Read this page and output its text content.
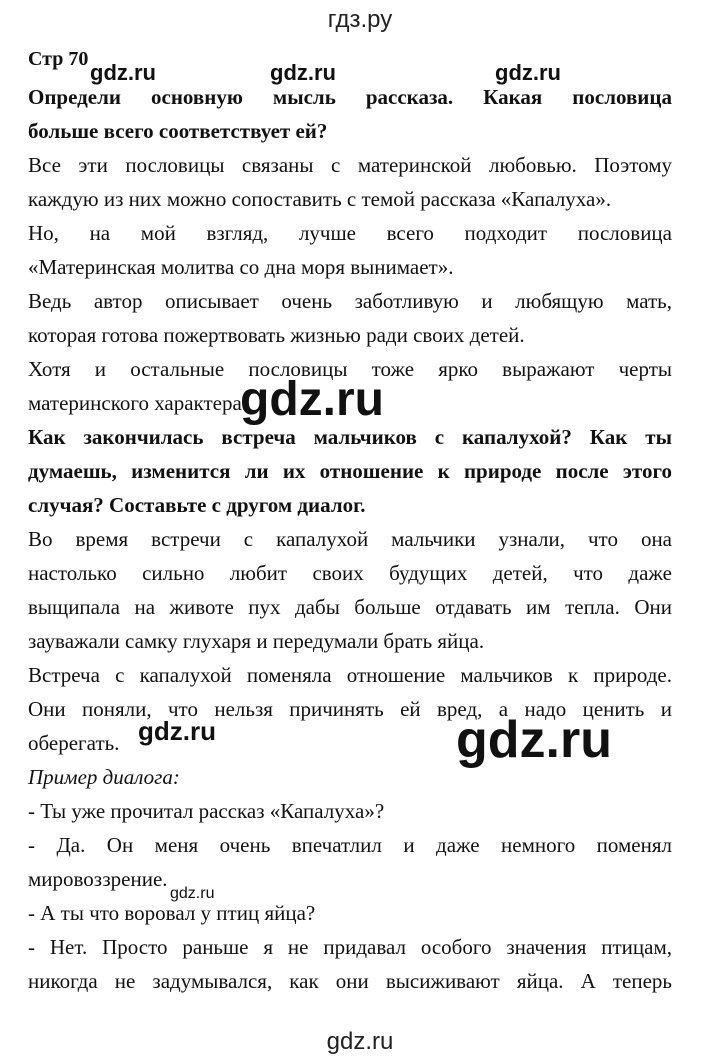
гдз.ру
Стр 70
gdz.ru	gdz.ru	gdz.ru
Определи основную мысль рассказа. Какая пословица
больше всего соответствует ей?
Все эти пословицы связаны с материнской любовью. Поэтому
каждую из них можно сопоставить с темой рассказа «Капалуха».
Но, на мой взгляд, лучше всего подходит пословица
«Материнская молитва со дна моря вынимает».
Ведь автор описывает очень заботливую и любящую мать,
которая готова пожертвовать жизнью ради своих детей.
Хотя и остальные пословицы тоже ярко выражают черты
материнского характера.
Как закончилась встреча мальчиков с капалухой? Как ты
думаешь, изменится ли их отношение к природе после этого
случая? Составьте с другом диалог.
Во время встречи с капалухой мальчики узнали, что она
настолько сильно любит своих будущих детей, что даже
выщипала на животе пух дабы больше отдавать им тепла. Они
зауважали самку глухаря и передумали брать яйца.
Встреча с капалухой поменяла отношение мальчиков к природе.
Они поняли, что нельзя причинять ей вред, а надо ценить и
оберегать.
Пример диалога:
- Ты уже прочитал рассказ «Капалуха»?
- Да. Он меня очень впечатлил и даже немного поменял
мировоззрение.
- А ты что воровал у птиц яйца?
- Нет. Просто раньше я не придавал особого значения птицам,
никогда не задумывался, как они высиживают яйца. А теперь
gdz.ru
gdz.ru	gdz.ru
gdz.ru
gdz.ru
